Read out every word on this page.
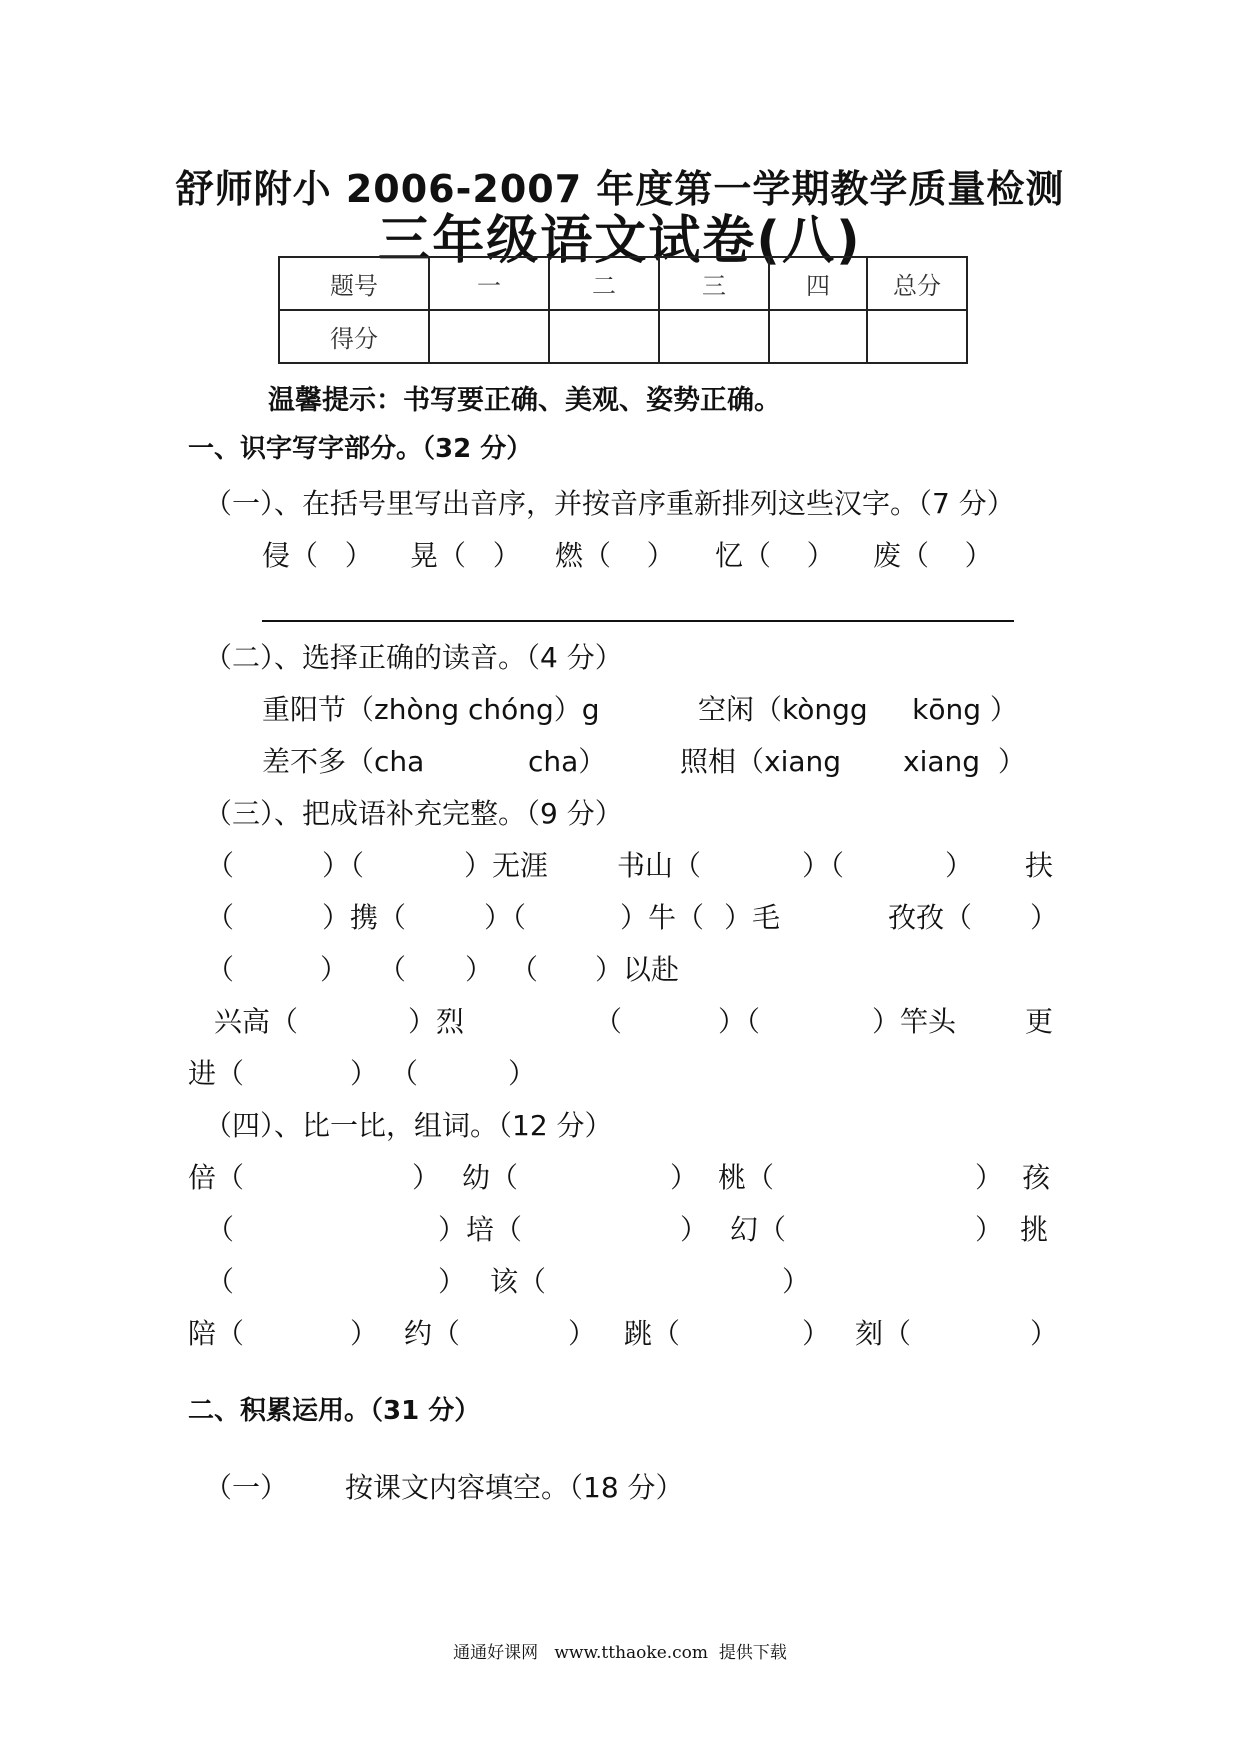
舒师附小 2006-2007 年度第一学期教学质量检测
三年级语文试卷(八)
题号	一	二	三	四	总分
得分					
温馨提示：书写要正确、美观、姿势正确。
一、识字写字部分。（32 分）
（一）、在括号里写出音序，并按音序重新排列这些汉字。（7 分）
侵（   ） 晃（   ） 燃（    ） 忆（    ） 废（    ）
（二）、选择正确的读音。（4 分）
重阳节（zhòng chóng）g	空闲（kòngg     kōng ）
差不多（cha	cha）	照相（xiang xiang  ）
（三）、把成语补充完整。（9 分）
（	）（	）无涯 书山（	）（	） 扶
（	）携（	）（	）牛（ ）毛	孜孜（ ）
（	） （ ） （ ）以赴
兴高（	）烈	（	）（	）竿头 更
进（	） （	）
（四）、比一比，组词。（12 分）
倍（	） 幼（	） 桃（	） 孩
（	）培（	） 幻（	） 挑
（	） 该（	）
陪（	） 约（	） 跳（	） 刻（	）
二、积累运用。（31 分）
（一） 按课文内容填空。（18 分）
通通好课网   www.tthaoke.com  提供下载
